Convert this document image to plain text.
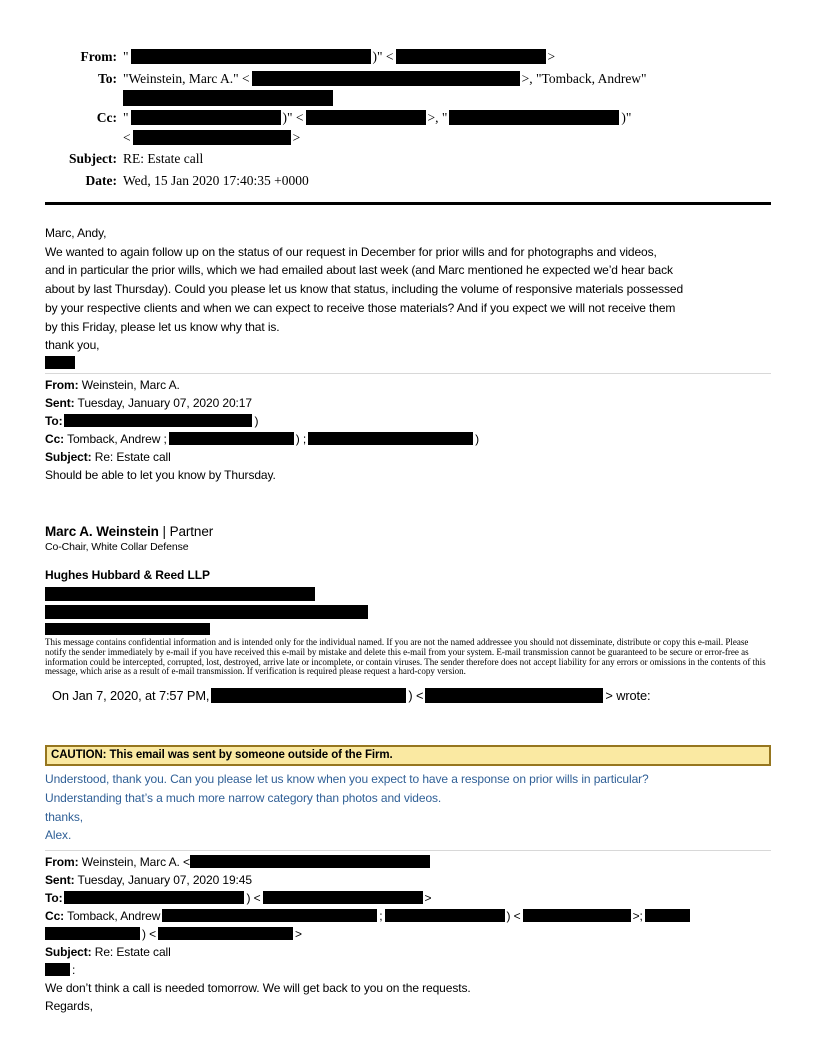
From: "	)" <	>
To: "Weinstein, Marc A." <	>, "Tomback, Andrew"
Cc: "	)" <	>, "	)"
<	>
Subject: RE: Estate call
Date: Wed, 15 Jan 2020 17:40:35 +0000
Marc, Andy,
We wanted to again follow up on the status of our request in December for prior wills and for photographs and videos,
and in particular the prior wills, which we had emailed about last week (and Marc mentioned he expected we’d hear back
about by last Thursday). Could you please let us know that status, including the volume of responsive materials possessed
by your respective clients and when we can expect to receive those materials? And if you expect we will not receive them
by this Friday, please let us know why that is.
thank you,
From: Weinstein, Marc A.
Sent: Tuesday, January 07, 2020 20:17
To:	)
Cc: Tomback, Andrew ;	) ;	)
Subject: Re: Estate call
Should be able to let you know by Thursday.
Marc A. Weinstein | Partner
Co-Chair, White Collar Defense
Hughes Hubbard & Reed LLP
This message contains confidential information and is intended only for the individual named. If you are not the named addressee you should not disseminate, distribute or copy this e-mail. Please notify the sender immediately by e-mail if you have received this e-mail by mistake and delete this e-mail from your system. E-mail transmission cannot be guaranteed to be secure or error-free as information could be intercepted, corrupted, lost, destroyed, arrive late or incomplete, or contain viruses. The sender therefore does not accept liability for any errors or omissions in the contents of this message, which arise as a result of e-mail transmission. If verification is required please request a hard-copy version.
On Jan 7, 2020, at 7:57 PM,	) <	> wrote:
CAUTION: This email was sent by someone outside of the Firm.
Understood, thank you. Can you please let us know when you expect to have a response on prior wills in particular?
Understanding that’s a much more narrow category than photos and videos.
thanks,
Alex.
From: Weinstein, Marc A. <
Sent: Tuesday, January 07, 2020 19:45
To:	) <	>
Cc: Tomback, Andrew	;	) <	>;
) <	>
Subject: Re: Estate call
:
We don’t think a call is needed tomorrow. We will get back to you on the requests.
Regards,
